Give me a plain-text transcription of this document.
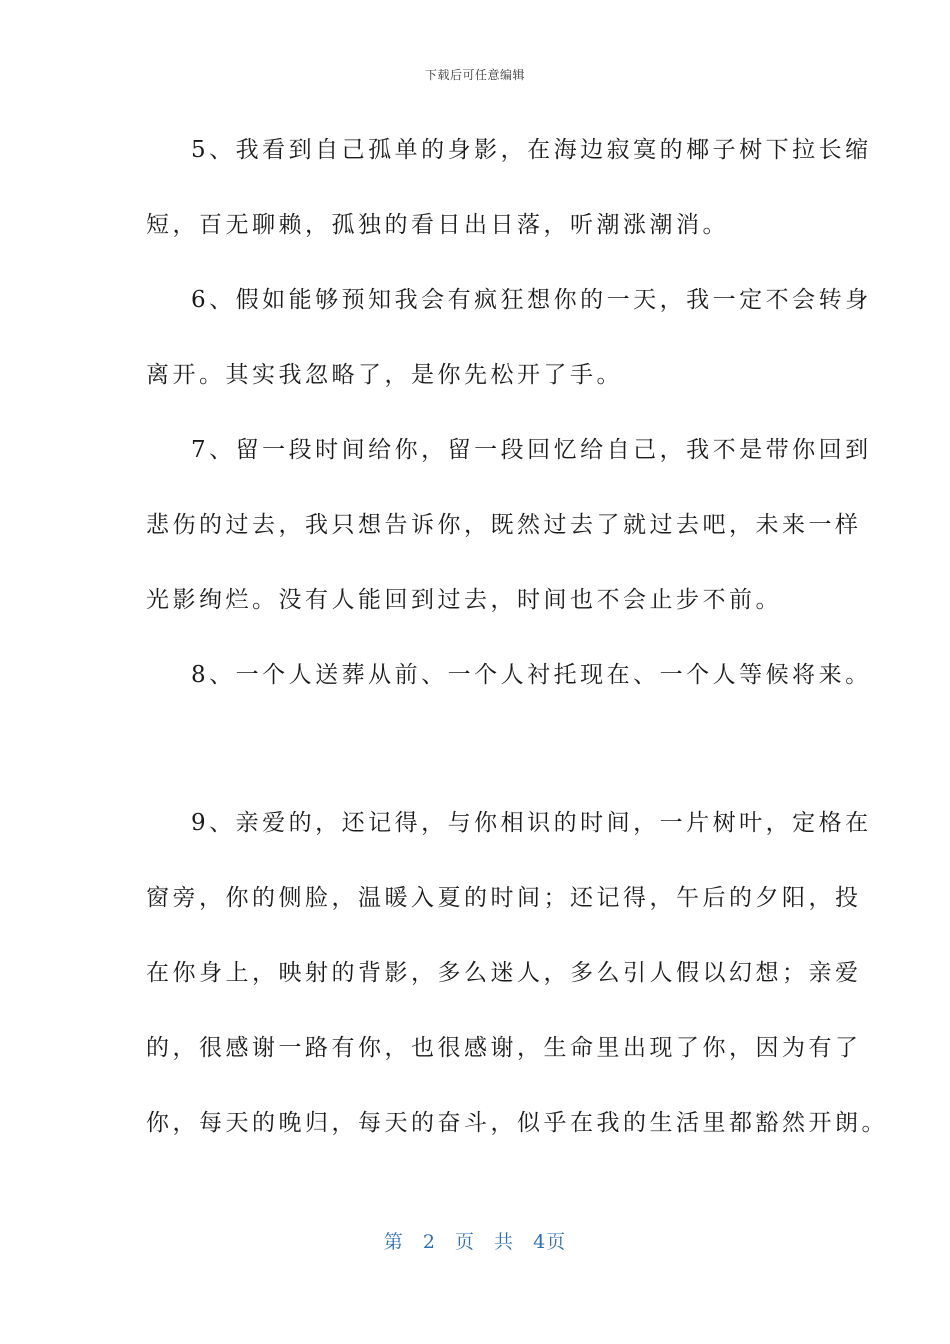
下载后可任意编辑
5、我看到自己孤单的身影，在海边寂寞的椰子树下拉长缩
短，百无聊赖，孤独的看日出日落，听潮涨潮消。
6、假如能够预知我会有疯狂想你的一天，我一定不会转身
离开。其实我忽略了，是你先松开了手。
7、留一段时间给你，留一段回忆给自己，我不是带你回到
悲伤的过去，我只想告诉你，既然过去了就过去吧，未来一样
光影绚烂。没有人能回到过去，时间也不会止步不前。
8、一个人送葬从前、一个人衬托现在、一个人等候将来。
9、亲爱的，还记得，与你相识的时间，一片树叶，定格在
窗旁，你的侧脸，温暖入夏的时间；还记得，午后的夕阳，投
在你身上，映射的背影，多么迷人，多么引人假以幻想；亲爱
的，很感谢一路有你，也很感谢，生命里出现了你，因为有了
你，每天的晚归，每天的奋斗，似乎在我的生活里都豁然开朗。
第 2 页 共 4页
